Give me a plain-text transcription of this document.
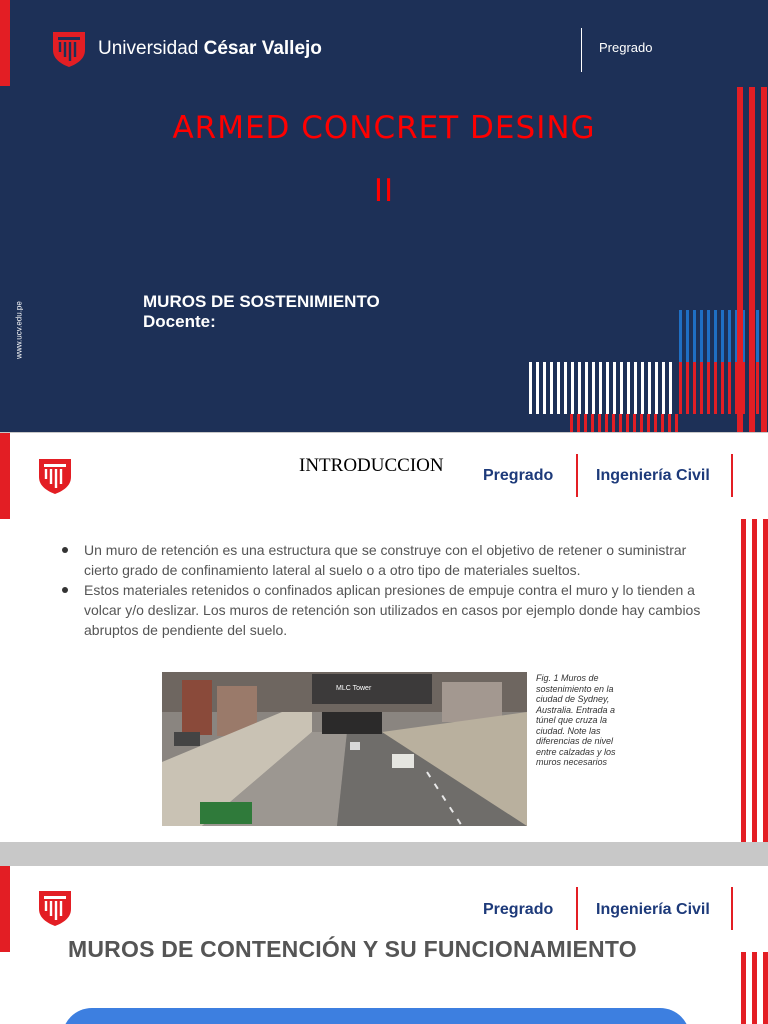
Universidad César Vallejo	Pregrado
ARMED CONCRET DESING
II
www.ucv.edu.pe	MUROS DE SOSTENIMIENTO
Docente:
INTRODUCCION Pregrado	Ingeniería Civil
Un muro de retención es una estructura que se construye con el objetivo de retener o suministrar cierto grado de confinamiento lateral al suelo o a otro tipo de materiales sueltos.
Estos materiales retenidos o confinados aplican presiones de empuje contra el muro y lo tienden a volcar y/o deslizar. Los muros de retención son utilizados en casos por ejemplo donde hay cambios abruptos de pendiente del suelo.
MLC Tower
Fig. 1 Muros de sostenimiento en la ciudad de Sydney, Australia. Entrada a túnel que cruza la ciudad. Note las diferencias de nivel entre calzadas y los muros necesarios
Pregrado	Ingeniería Civil
MUROS DE CONTENCIÓN Y SU FUNCIONAMIENTO
